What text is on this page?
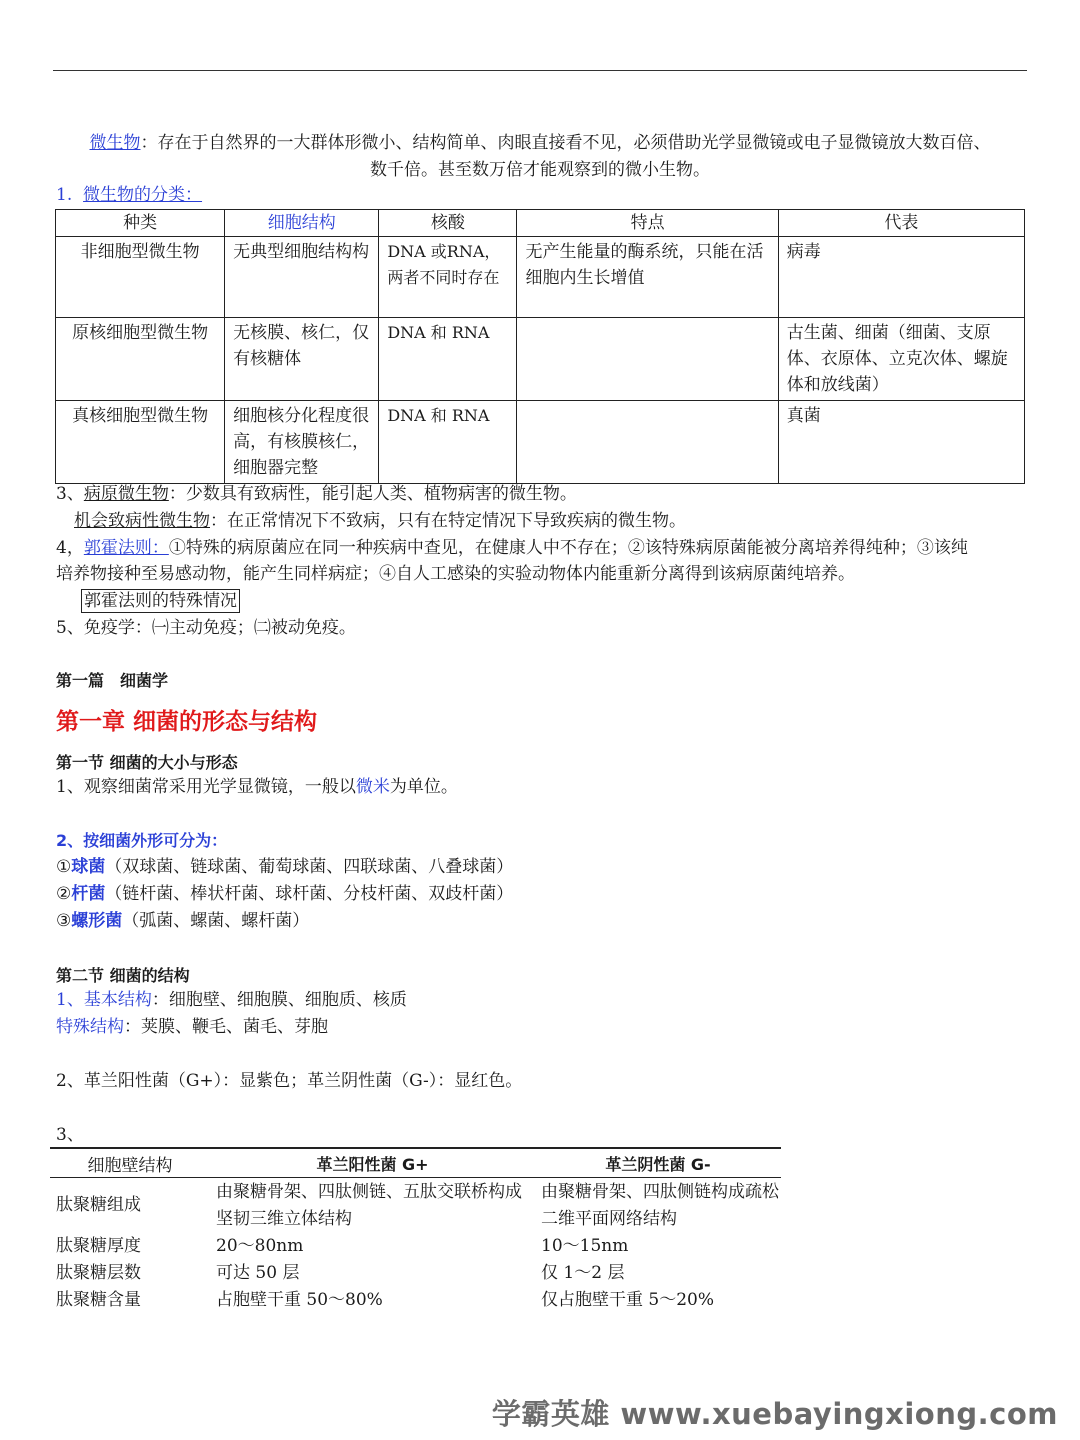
微生物：存在于自然界的一大群体形微小、结构简单、肉眼直接看不见，必须借助光学显微镜或电子显微镜放大数百倍、
数千倍。甚至数万倍才能观察到的微小生物。
1. 微生物的分类：
种类	细胞结构	核酸	特点	代表
非细胞型微生物	无典型细胞结构构	DNA 或RNA，两者不同时存在	无产生能量的酶系统，只能在活细胞内生长增值	病毒
原核细胞型微生物	无核膜、核仁，仅有核糖体	DNA 和 RNA		古生菌、细菌（细菌、支原体、衣原体、立克次体、螺旋体和放线菌）
真核细胞型微生物	细胞核分化程度很高，有核膜核仁，细胞器完整	DNA 和 RNA		真菌
3、病原微生物：少数具有致病性，能引起人类、植物病害的微生物。
机会致病性微生物：在正常情况下不致病，只有在特定情况下导致疾病的微生物。
4，郭霍法则：①特殊的病原菌应在同一种疾病中查见，在健康人中不存在；②该特殊病原菌能被分离培养得纯种；③该纯
培养物接种至易感动物，能产生同样病症；④自人工感染的实验动物体内能重新分离得到该病原菌纯培养。
郭霍法则的特殊情况
5、免疫学：㈠主动免疫；㈡被动免疫。
第一篇　细菌学
第一章 细菌的形态与结构
第一节 细菌的大小与形态
1、观察细菌常采用光学显微镜，一般以微米为单位。
2、按细菌外形可分为：
①球菌（双球菌、链球菌、葡萄球菌、四联球菌、八叠球菌）
②杆菌（链杆菌、棒状杆菌、球杆菌、分枝杆菌、双歧杆菌）
③螺形菌（弧菌、螺菌、螺杆菌）
第二节 细菌的结构
1、基本结构：细胞壁、细胞膜、细胞质、核质
特殊结构：荚膜、鞭毛、菌毛、芽胞
2、革兰阳性菌（G+）：显紫色；革兰阴性菌（G-）：显红色。
3、
细胞壁结构	革兰阳性菌 G+	革兰阴性菌 G-
肽聚糖组成	由聚糖骨架、四肽侧链、五肽交联桥构成坚韧三维立体结构	由聚糖骨架、四肽侧链构成疏松二维平面网络结构
肽聚糖厚度	20～80nm	10～15nm
肽聚糖层数	可达 50 层	仅 1～2 层
肽聚糖含量	占胞壁干重 50～80%	仅占胞壁干重 5～20%
学霸英雄 www.xuebayingxiong.com
